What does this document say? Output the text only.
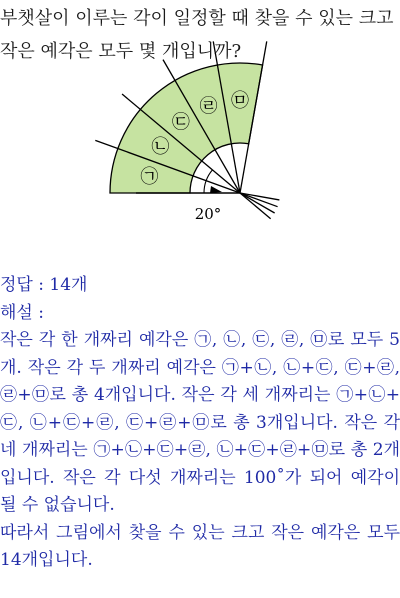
부챗살이 이루는 각이 일정할 때 찾을 수 있는 크고
작은 예각은 모두 몇 개입니까?
㉠
㉡
㉢
㉣ ㉤
20°
정답 : 14개
해설 :
작은 각 한 개짜리 예각은 ㉠, ㉡, ㉢, ㉣, ㉤로 모두 5
개. 작은 각 두 개짜리 예각은 ㉠+㉡, ㉡+㉢, ㉢+㉣,
㉣+㉤로 총 4개입니다. 작은 각 세 개짜리는 ㉠+㉡+
㉢, ㉡+㉢+㉣, ㉢+㉣+㉤로 총 3개입니다. 작은 각
네 개짜리는 ㉠+㉡+㉢+㉣, ㉡+㉢+㉣+㉤로 총 2개
입니다. 작은 각 다섯 개짜리는 100˚가 되어 예각이
될 수 없습니다.
따라서 그림에서 찾을 수 있는 크고 작은 예각은 모두
14개입니다.
